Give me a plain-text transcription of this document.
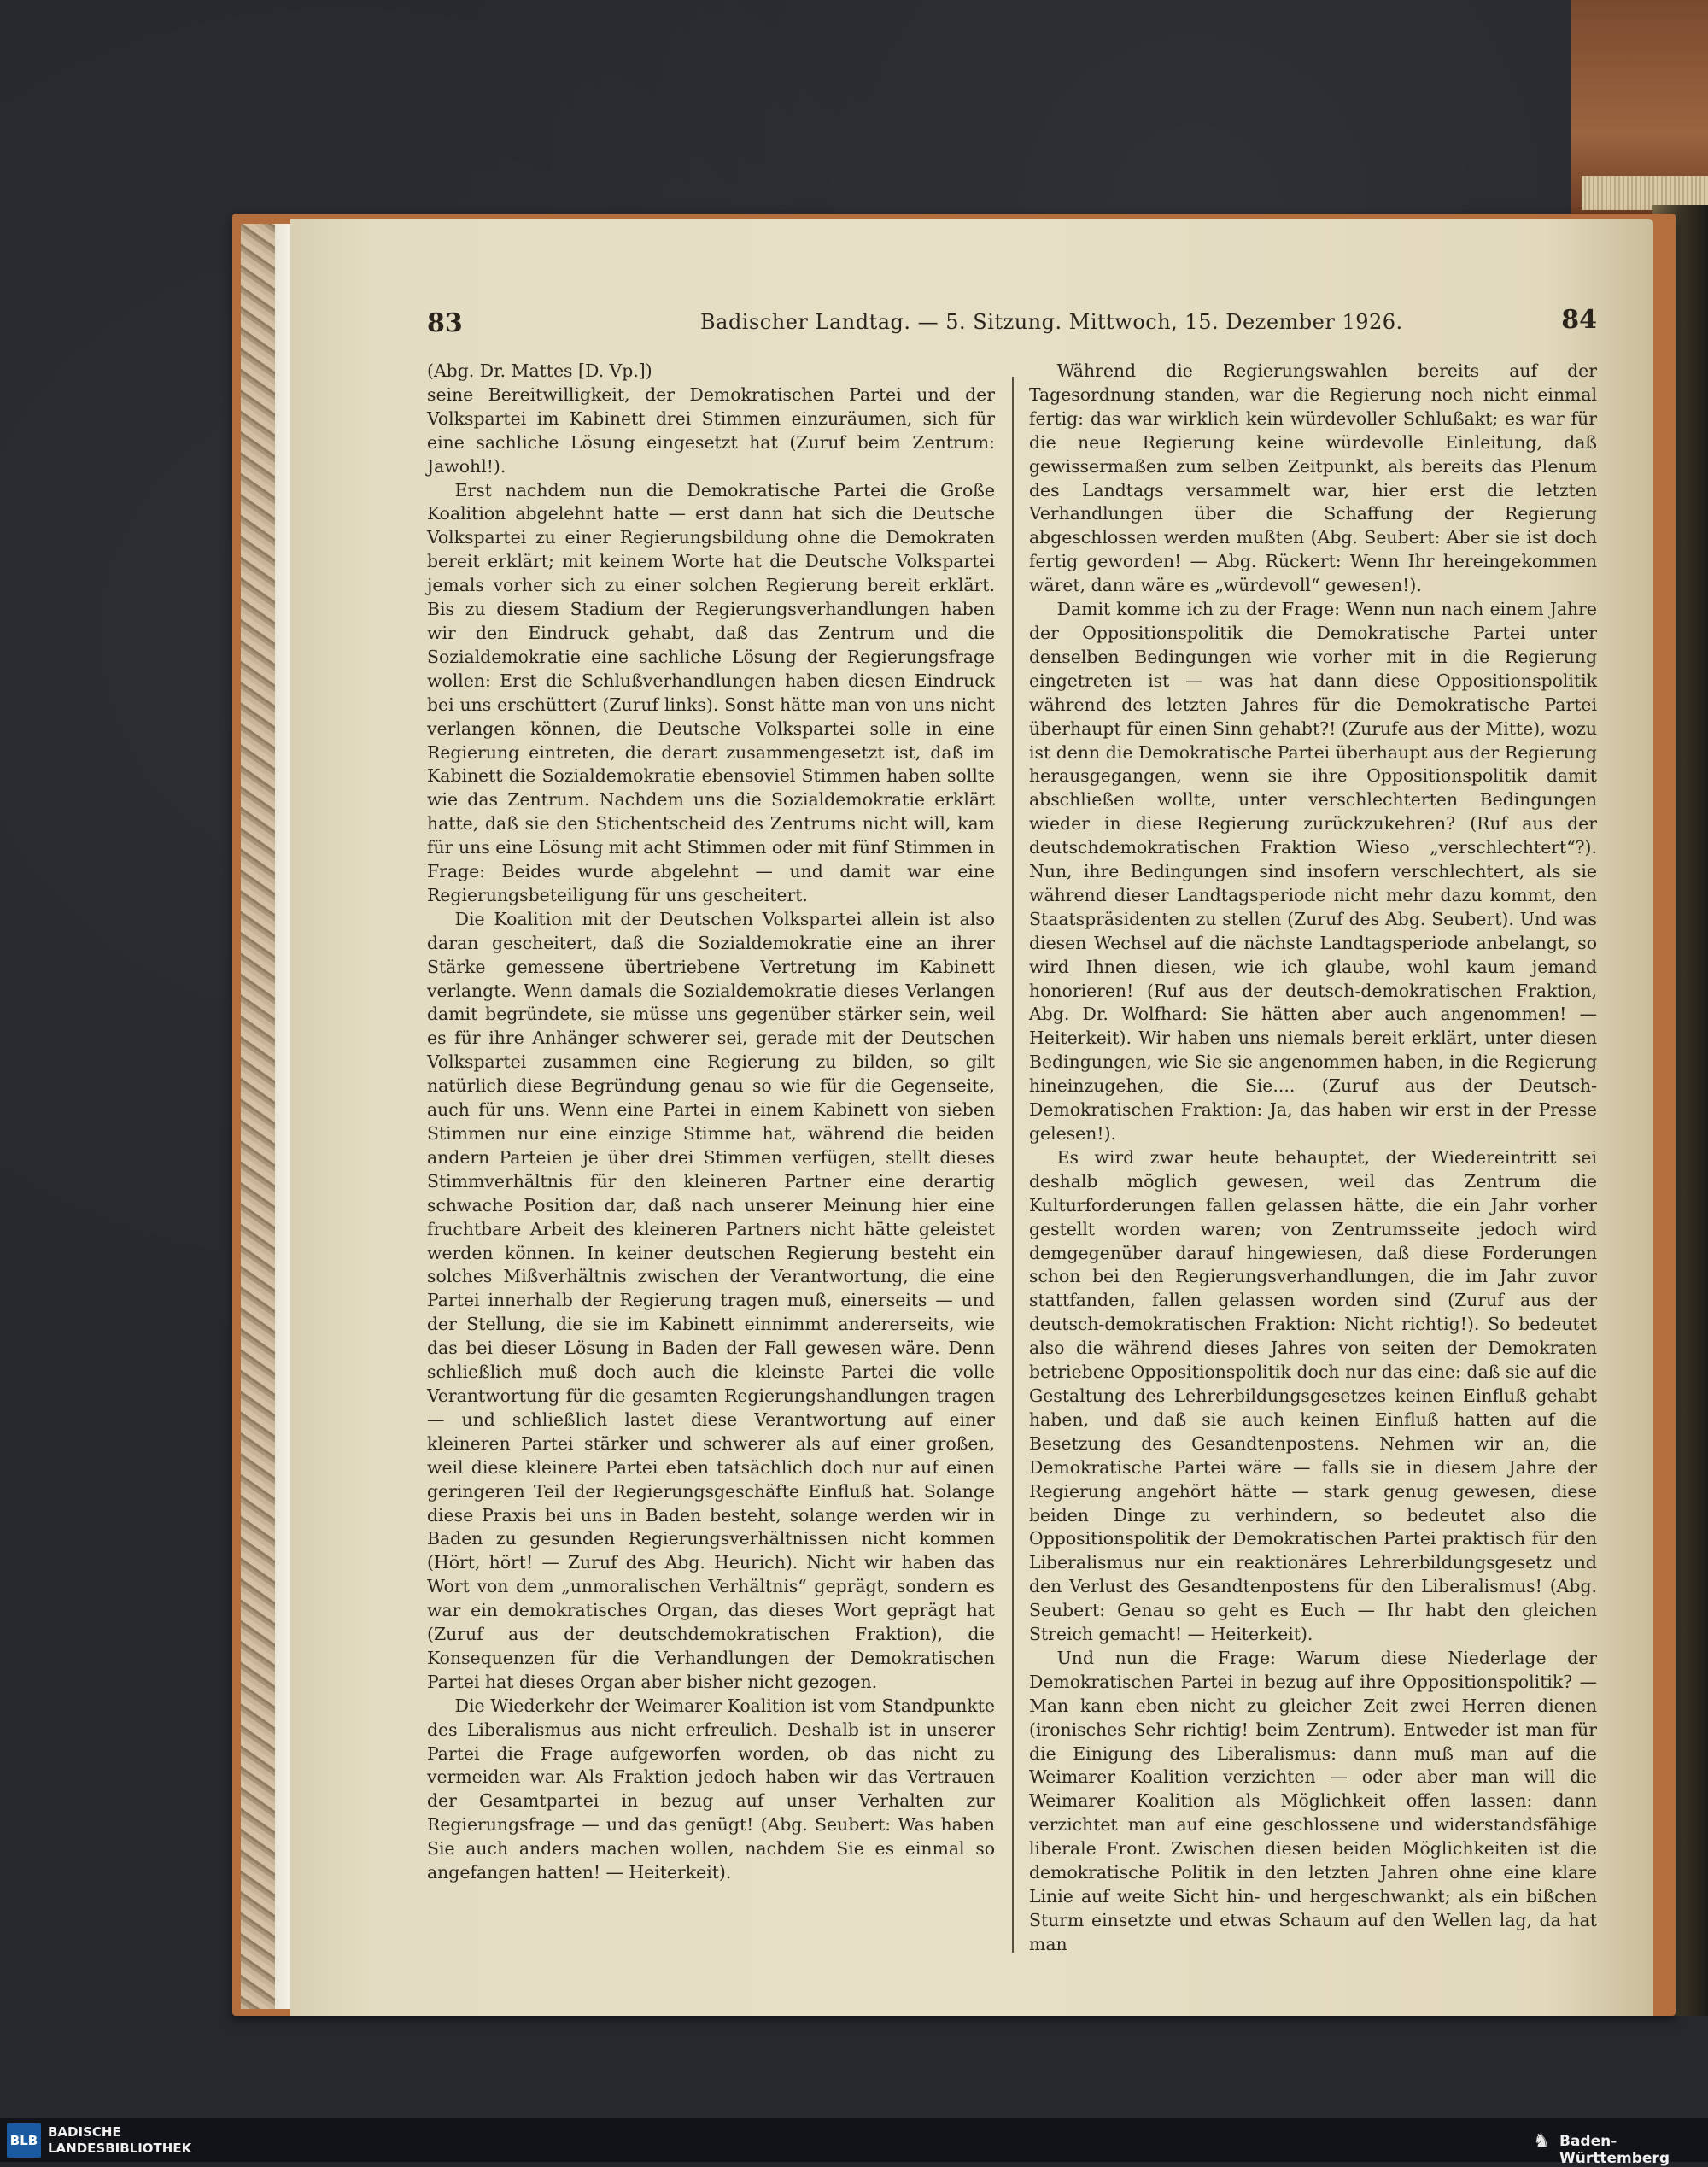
83	Badischer Landtag. — 5. Sitzung. Mittwoch, 15. Dezember 1926.	84

(Abg. Dr. Mattes [D. Vp.])

seine Bereitwilligkeit, der Demokratischen Partei und der Volkspartei im Kabinett drei Stimmen einzuräumen, sich für eine sachliche Lösung eingesetzt hat (Zuruf beim Zentrum: Jawohl!).

Erst nachdem nun die Demokratische Partei die Große Koalition abgelehnt hatte — erst dann hat sich die Deutsche Volkspartei zu einer Regierungsbildung ohne die Demokraten bereit erklärt; mit keinem Worte hat die Deutsche Volkspartei jemals vorher sich zu einer solchen Regierung bereit erklärt. Bis zu diesem Stadium der Regierungsverhandlungen haben wir den Eindruck gehabt, daß das Zentrum und die Sozialdemokratie eine sachliche Lösung der Regierungsfrage wollen: Erst die Schlußverhandlungen haben diesen Eindruck bei uns erschüttert (Zuruf links). Sonst hätte man von uns nicht verlangen können, die Deutsche Volkspartei solle in eine Regierung eintreten, die derart zusammengesetzt ist, daß im Kabinett die Sozialdemokratie ebensoviel Stimmen haben sollte wie das Zentrum. Nachdem uns die Sozialdemokratie erklärt hatte, daß sie den Stichentscheid des Zentrums nicht will, kam für uns eine Lösung mit acht Stimmen oder mit fünf Stimmen in Frage: Beides wurde abgelehnt — und damit war eine Regierungsbeteiligung für uns gescheitert.

Die Koalition mit der Deutschen Volkspartei allein ist also daran gescheitert, daß die Sozialdemokratie eine an ihrer Stärke gemessene übertriebene Vertretung im Kabinett verlangte. Wenn damals die Sozialdemokratie dieses Verlangen damit begründete, sie müsse uns gegenüber stärker sein, weil es für ihre Anhänger schwerer sei, gerade mit der Deutschen Volkspartei zusammen eine Regierung zu bilden, so gilt natürlich diese Begründung genau so wie für die Gegenseite, auch für uns. Wenn eine Partei in einem Kabinett von sieben Stimmen nur eine einzige Stimme hat, während die beiden andern Parteien je über drei Stimmen verfügen, stellt dieses Stimmverhältnis für den kleineren Partner eine derartig schwache Position dar, daß nach unserer Meinung hier eine fruchtbare Arbeit des kleineren Partners nicht hätte geleistet werden können. In keiner deutschen Regierung besteht ein solches Mißverhältnis zwischen der Verantwortung, die eine Partei innerhalb der Regierung tragen muß, einerseits — und der Stellung, die sie im Kabinett einnimmt andererseits, wie das bei dieser Lösung in Baden der Fall gewesen wäre. Denn schließlich muß doch auch die kleinste Partei die volle Verantwortung für die gesamten Regierungshandlungen tragen — und schließlich lastet diese Verantwortung auf einer kleineren Partei stärker und schwerer als auf einer großen, weil diese kleinere Partei eben tatsächlich doch nur auf einen geringeren Teil der Regierungsgeschäfte Einfluß hat. Solange diese Praxis bei uns in Baden besteht, solange werden wir in Baden zu gesunden Regierungsverhältnissen nicht kommen (Hört, hört! — Zuruf des Abg. Heurich). Nicht wir haben das Wort von dem „unmoralischen Verhältnis“ geprägt, sondern es war ein demokratisches Organ, das dieses Wort geprägt hat (Zuruf aus der deutschdemokratischen Fraktion), die Konsequenzen für die Verhandlungen der Demokratischen Partei hat dieses Organ aber bisher nicht gezogen.

Die Wiederkehr der Weimarer Koalition ist vom Standpunkte des Liberalismus aus nicht erfreulich. Deshalb ist in unserer Partei die Frage aufgeworfen worden, ob das nicht zu vermeiden war. Als Fraktion jedoch haben wir das Vertrauen der Gesamtpartei in bezug auf unser Verhalten zur Regierungsfrage — und das genügt! (Abg. Seubert: Was haben Sie auch anders machen wollen, nachdem Sie es einmal so angefangen hatten! — Heiterkeit).

Während die Regierungswahlen bereits auf der Tagesordnung standen, war die Regierung noch nicht einmal fertig: das war wirklich kein würdevoller Schlußakt; es war für die neue Regierung keine würdevolle Einleitung, daß gewissermaßen zum selben Zeitpunkt, als bereits das Plenum des Landtags versammelt war, hier erst die letzten Verhandlungen über die Schaffung der Regierung abgeschlossen werden mußten (Abg. Seubert: Aber sie ist doch fertig geworden! — Abg. Rückert: Wenn Ihr hereingekommen wäret, dann wäre es „würdevoll“ gewesen!).

Damit komme ich zu der Frage: Wenn nun nach einem Jahre der Oppositionspolitik die Demokratische Partei unter denselben Bedingungen wie vorher mit in die Regierung eingetreten ist — was hat dann diese Oppositionspolitik während des letzten Jahres für die Demokratische Partei überhaupt für einen Sinn gehabt?! (Zurufe aus der Mitte), wozu ist denn die Demokratische Partei überhaupt aus der Regierung herausgegangen, wenn sie ihre Oppositionspolitik damit abschließen wollte, unter verschlechterten Bedingungen wieder in diese Regierung zurückzukehren? (Ruf aus der deutschdemokratischen Fraktion Wieso „verschlechtert“?). Nun, ihre Bedingungen sind insofern verschlechtert, als sie während dieser Landtagsperiode nicht mehr dazu kommt, den Staatspräsidenten zu stellen (Zuruf des Abg. Seubert). Und was diesen Wechsel auf die nächste Landtagsperiode anbelangt, so wird Ihnen diesen, wie ich glaube, wohl kaum jemand honorieren! (Ruf aus der deutsch-demokratischen Fraktion, Abg. Dr. Wolfhard: Sie hätten aber auch angenommen! — Heiterkeit). Wir haben uns niemals bereit erklärt, unter diesen Bedingungen, wie Sie sie angenommen haben, in die Regierung hineinzugehen, die Sie.... (Zuruf aus der Deutsch-Demokratischen Fraktion: Ja, das haben wir erst in der Presse gelesen!).

Es wird zwar heute behauptet, der Wiedereintritt sei deshalb möglich gewesen, weil das Zentrum die Kulturforderungen fallen gelassen hätte, die ein Jahr vorher gestellt worden waren; von Zentrumsseite jedoch wird demgegenüber darauf hingewiesen, daß diese Forderungen schon bei den Regierungsverhandlungen, die im Jahr zuvor stattfanden, fallen gelassen worden sind (Zuruf aus der deutsch-demokratischen Fraktion: Nicht richtig!). So bedeutet also die während dieses Jahres von seiten der Demokraten betriebene Oppositionspolitik doch nur das eine: daß sie auf die Gestaltung des Lehrerbildungsgesetzes keinen Einfluß gehabt haben, und daß sie auch keinen Einfluß hatten auf die Besetzung des Gesandtenpostens. Nehmen wir an, die Demokratische Partei wäre — falls sie in diesem Jahre der Regierung angehört hätte — stark genug gewesen, diese beiden Dinge zu verhindern, so bedeutet also die Oppositionspolitik der Demokratischen Partei praktisch für den Liberalismus nur ein reaktionäres Lehrerbildungsgesetz und den Verlust des Gesandtenpostens für den Liberalismus! (Abg. Seubert: Genau so geht es Euch — Ihr habt den gleichen Streich gemacht! — Heiterkeit).

Und nun die Frage: Warum diese Niederlage der Demokratischen Partei in bezug auf ihre Oppositionspolitik? — Man kann eben nicht zu gleicher Zeit zwei Herren dienen (ironisches Sehr richtig! beim Zentrum). Entweder ist man für die Einigung des Liberalismus: dann muß man auf die Weimarer Koalition verzichten — oder aber man will die Weimarer Koalition als Möglichkeit offen lassen: dann verzichtet man auf eine geschlossene und widerstandsfähige liberale Front. Zwischen diesen beiden Möglichkeiten ist die demokratische Politik in den letzten Jahren ohne eine klare Linie auf weite Sicht hin- und hergeschwankt; als ein bißchen Sturm einsetzte und etwas Schaum auf den Wellen lag, da hat man

BLB
BADISCHE
LANDESBIBLIOTHEK	♞ Baden-Württemberg
